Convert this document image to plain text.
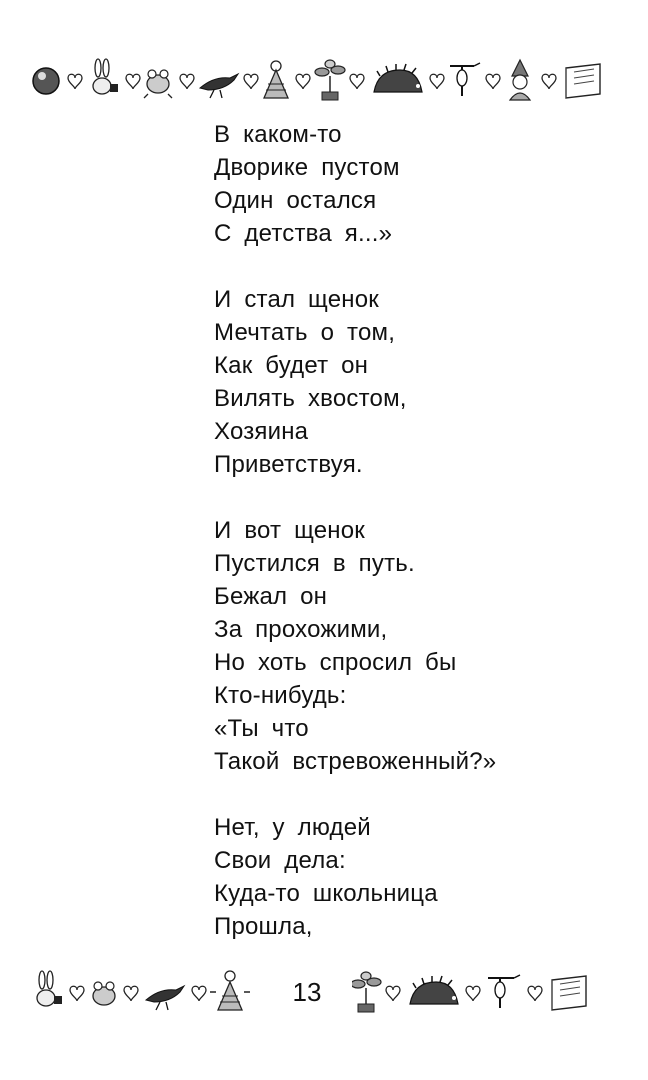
В каком-то
Дворике пустом
Один остался
С детства я...»
И стал щенок
Мечтать о том,
Как будет он
Вилять хвостом,
Хозяина
Приветствуя.
И вот щенок
Пустился в путь.
Бежал он
За прохожими,
Но хоть спросил бы
Кто-нибудь:
«Ты что
Такой встревоженный?»
Нет, у людей
Свои дела:
Куда-то школьница
Прошла,
13
